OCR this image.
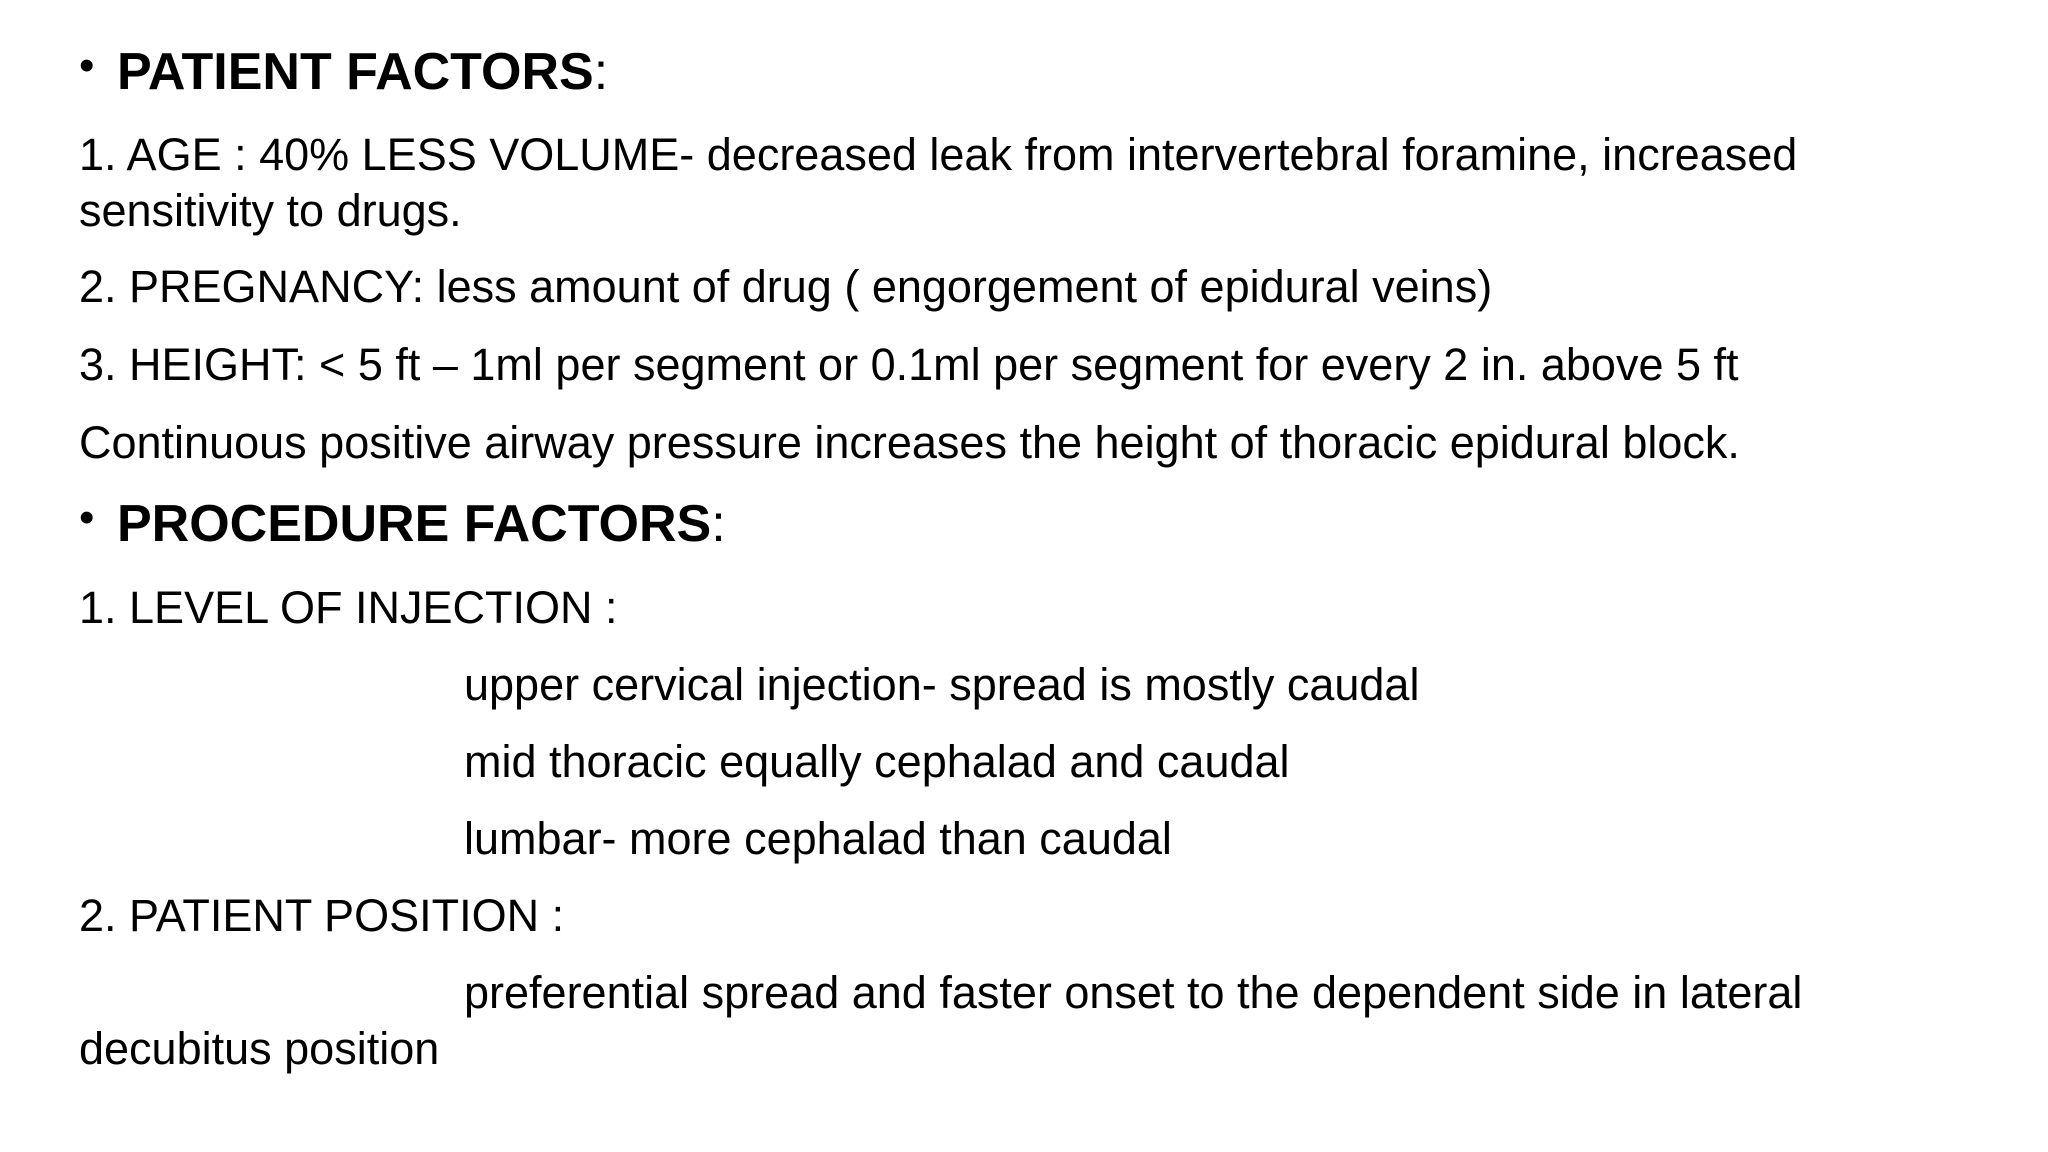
• PATIENT FACTORS:
1. AGE : 40% LESS VOLUME- decreased leak from intervertebral foramine, increased sensitivity to drugs.
2. PREGNANCY: less amount of drug ( engorgement of epidural veins)
3. HEIGHT: < 5 ft – 1ml per segment or 0.1ml per segment for every 2 in. above 5 ft
Continuous positive airway pressure increases the height of thoracic epidural block.
• PROCEDURE FACTORS:
1. LEVEL OF INJECTION :
upper cervical injection- spread is mostly caudal
mid thoracic equally cephalad and caudal
lumbar- more cephalad than caudal
2. PATIENT POSITION :
preferential spread and faster onset to the dependent side in lateral decubitus position
